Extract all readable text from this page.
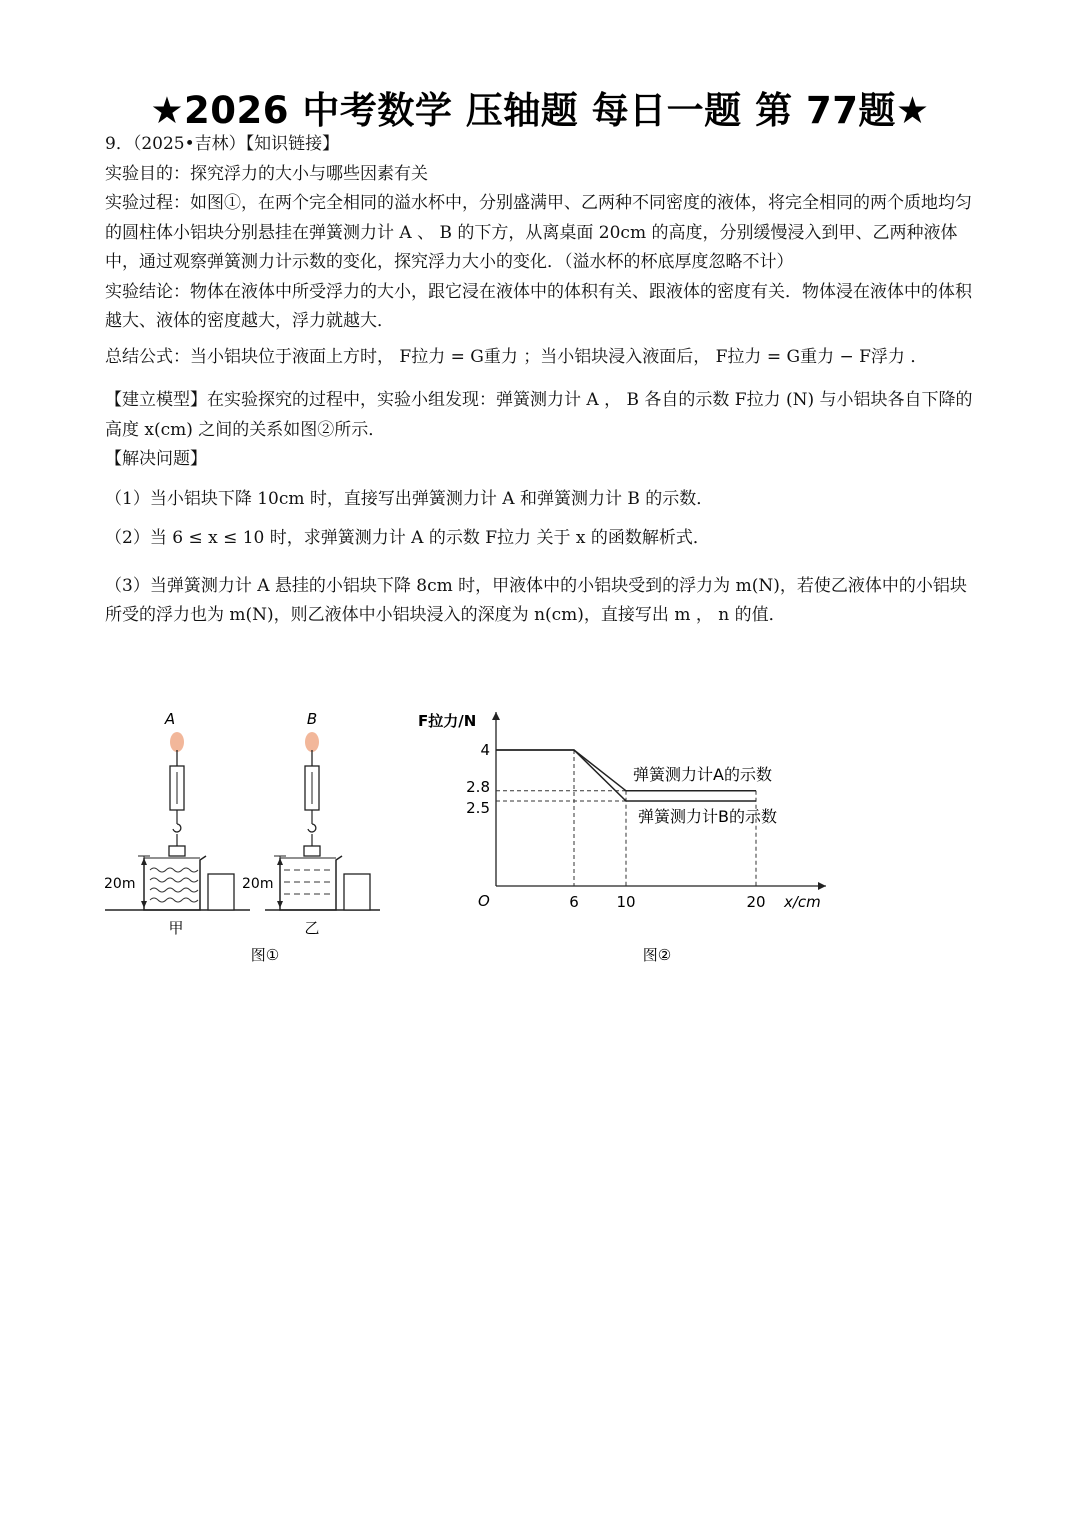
★2026 中考数学 压轴题 每日一题 第 77题★

9．（2025•吉林）【知识链接】

实验目的：探究浮力的大小与哪些因素有关

实验过程：如图①，在两个完全相同的溢水杯中，分别盛满甲、乙两种不同密度的液体，将完全相同的两个质地均匀的圆柱体小铝块分别悬挂在弹簧测力计 A 、 B 的下方，从离桌面 20cm 的高度，分别缓慢浸入到甲、乙两种液体中，通过观察弹簧测力计示数的变化，探究浮力大小的变化．（溢水杯的杯底厚度忽略不计）

实验结论：物体在液体中所受浮力的大小，跟它浸在液体中的体积有关、跟液体的密度有关．物体浸在液体中的体积越大、液体的密度越大，浮力就越大．

总结公式：当小铝块位于液面上方时， F拉力 = G重力 ；当小铝块浸入液面后， F拉力 = G重力 − F浮力 ．

【建立模型】在实验探究的过程中，实验小组发现：弹簧测力计 A ， B 各自的示数 F拉力 (N) 与小铝块各自下降的高度 x(cm) 之间的关系如图②所示．

【解决问题】

（1）当小铝块下降 10cm 时，直接写出弹簧测力计 A 和弹簧测力计 B 的示数．

（2）当 6 ≤ x ≤ 10 时，求弹簧测力计 A 的示数 F拉力 关于 x 的函数解析式．

（3）当弹簧测力计 A 悬挂的小铝块下降 8cm 时，甲液体中的小铝块受到的浮力为 m(N)，若使乙液体中的小铝块所受的浮力也为 m(N)，则乙液体中小铝块浸入的深度为 n(cm)，直接写出 m ， n 的值．

A
20m
甲
B
20m
乙
图①
F拉力/N
x/cm
O	6	10	20
2.5
2.8
4
弹簧测力计A的示数
弹簧测力计B的示数
图②
